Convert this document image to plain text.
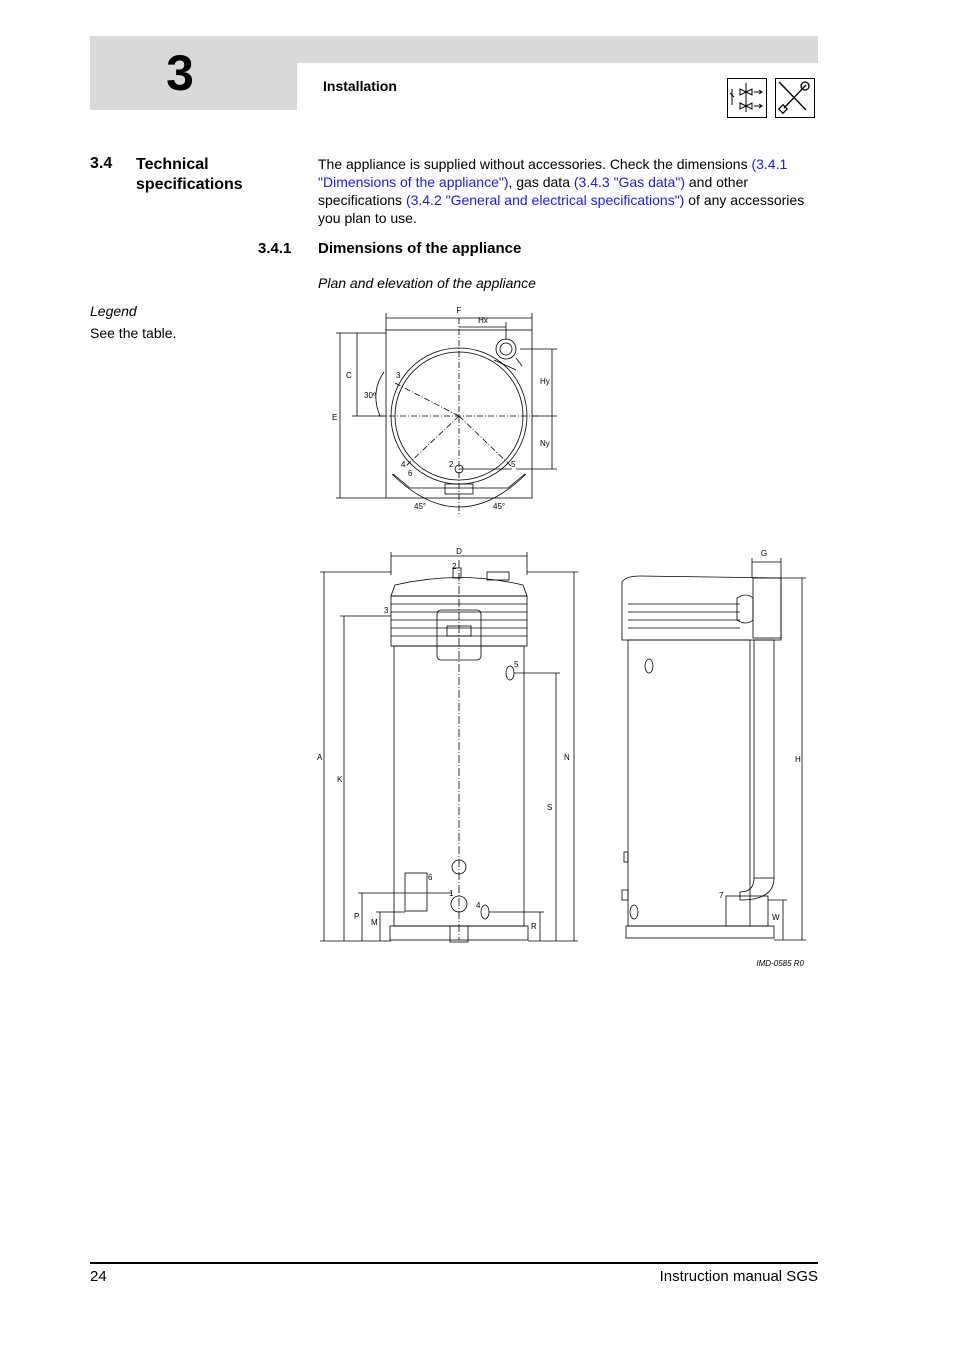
3	Installation
3.4 Technical specifications
The appliance is supplied without accessories. Check the dimensions (3.4.1 "Dimensions of the appliance"), gas data (3.4.3 "Gas data") and other specifications (3.4.2 "General and electrical specifications") of any accessories you plan to use.
3.4.1 Dimensions of the appliance
Plan and elevation of the appliance
Legend
See the table.
F
Hx
C
E
Hy
Ny
30º
45°	45°
3
4
6
2	5
D
2
3
5
A
K
N
S
6
1
4
P
M	R
G
H
7
W
IMD-0585 R0
24	Instruction manual SGS
